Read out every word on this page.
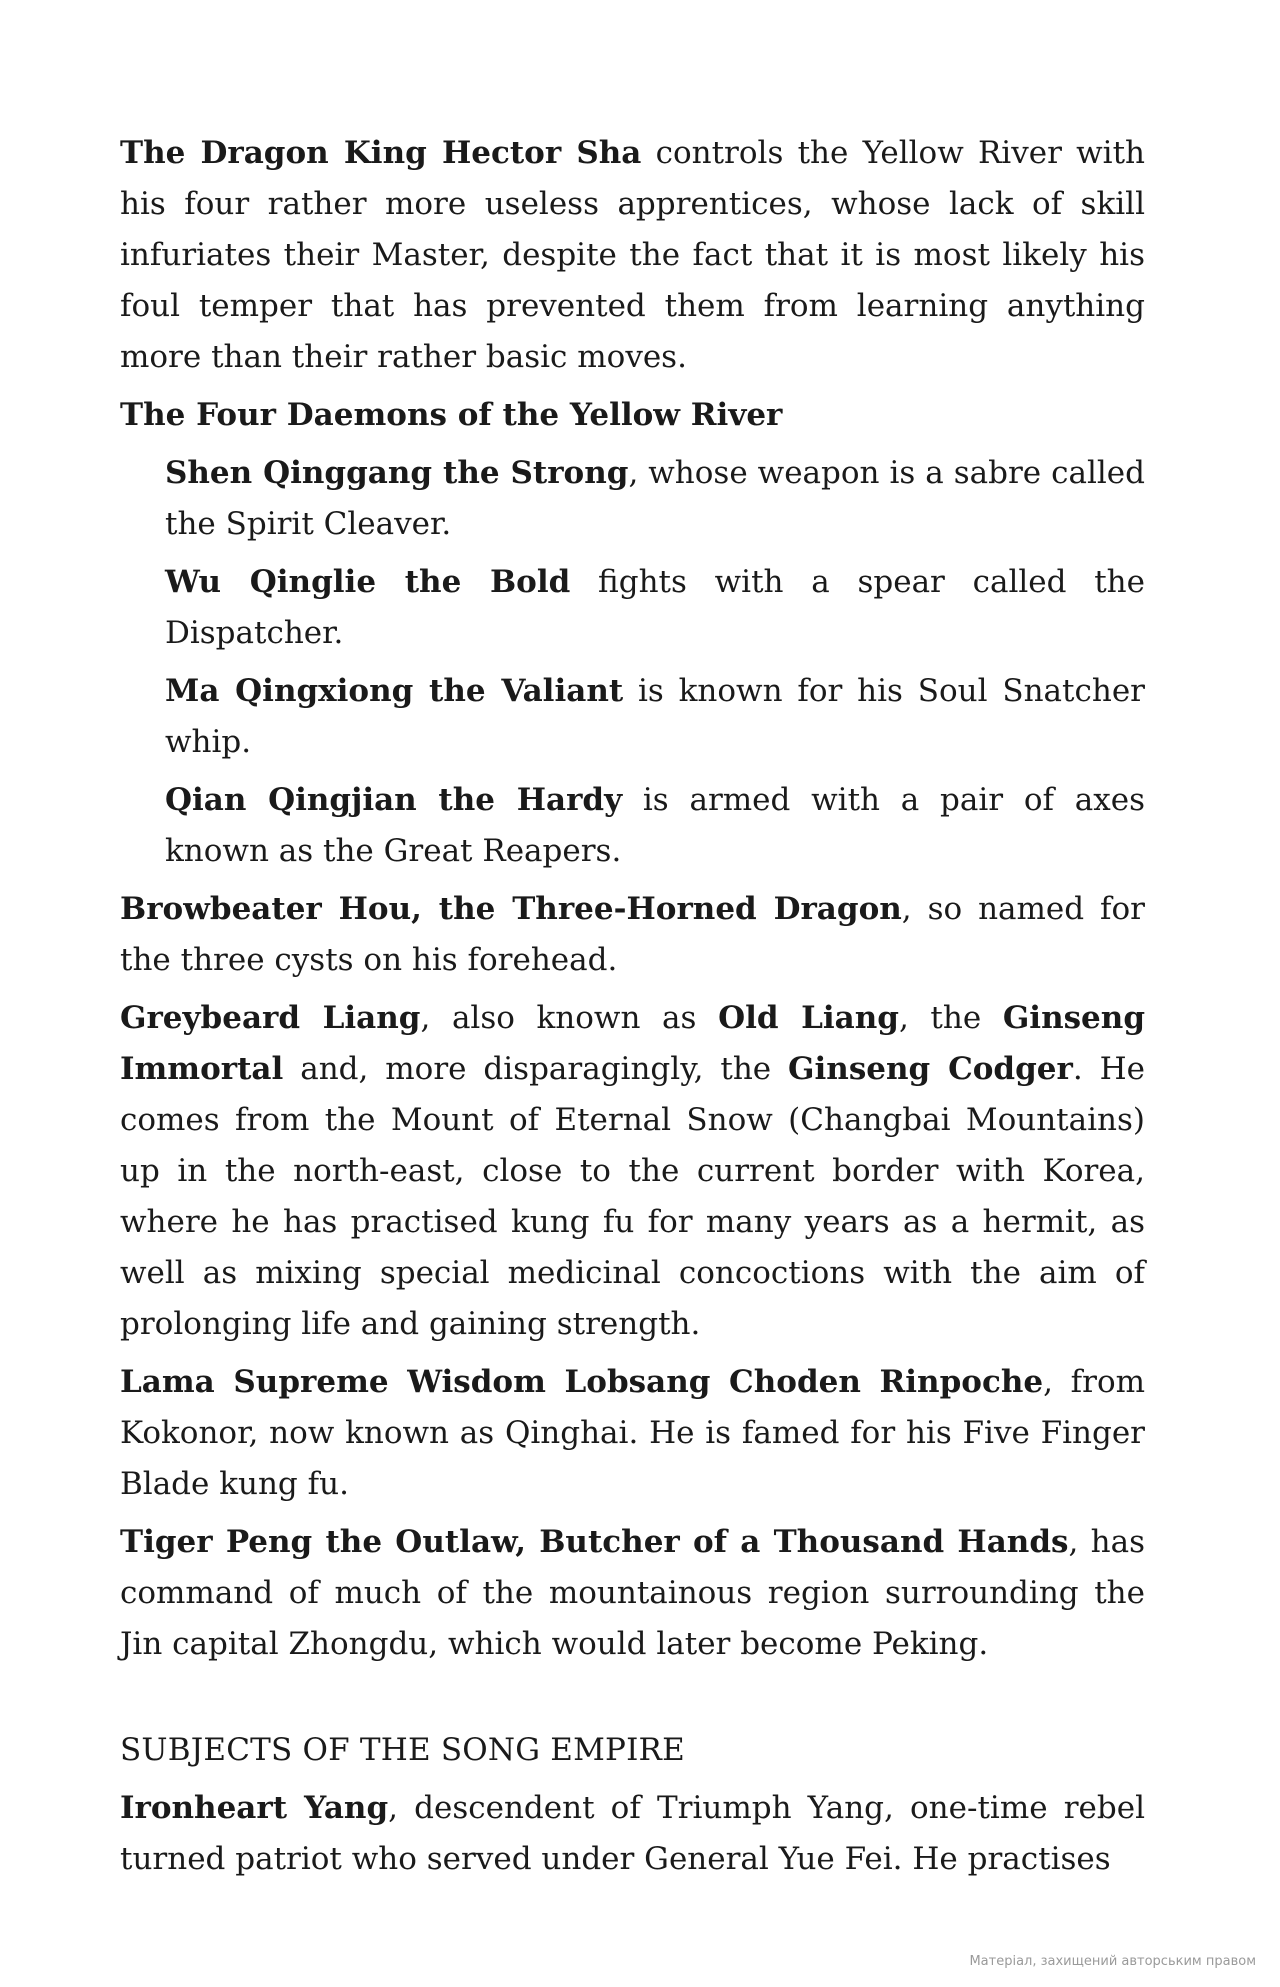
The Dragon King Hector Sha controls the Yellow River with his four rather more useless apprentices, whose lack of skill infuriates their Master, despite the fact that it is most likely his foul temper that has prevented them from learning anything more than their rather basic moves.

The Four Daemons of the Yellow River

Shen Qinggang the Strong, whose weapon is a sabre called the Spirit Cleaver.

Wu Qinglie the Bold fights with a spear called the Dispatcher.

Ma Qingxiong the Valiant is known for his Soul Snatcher whip.

Qian Qingjian the Hardy is armed with a pair of axes known as the Great Reapers.

Browbeater Hou, the Three-Horned Dragon, so named for the three cysts on his forehead.

Greybeard Liang, also known as Old Liang, the Ginseng Immortal and, more disparagingly, the Ginseng Codger. He comes from the Mount of Eternal Snow (Changbai Mountains) up in the north-east, close to the current border with Korea, where he has practised kung fu for many years as a hermit, as well as mixing special medicinal concoctions with the aim of prolonging life and gaining strength.

Lama Supreme Wisdom Lobsang Choden Rinpoche, from Kokonor, now known as Qinghai. He is famed for his Five Finger Blade kung fu.

Tiger Peng the Outlaw, Butcher of a Thousand Hands, has command of much of the mountainous region surrounding the Jin capital Zhongdu, which would later become Peking.

SUBJECTS OF THE SONG EMPIRE

Ironheart Yang, descendent of Triumph Yang, one-time rebel turned patriot who served under General Yue Fei. He practises

Матеріал, захищений авторським правом
